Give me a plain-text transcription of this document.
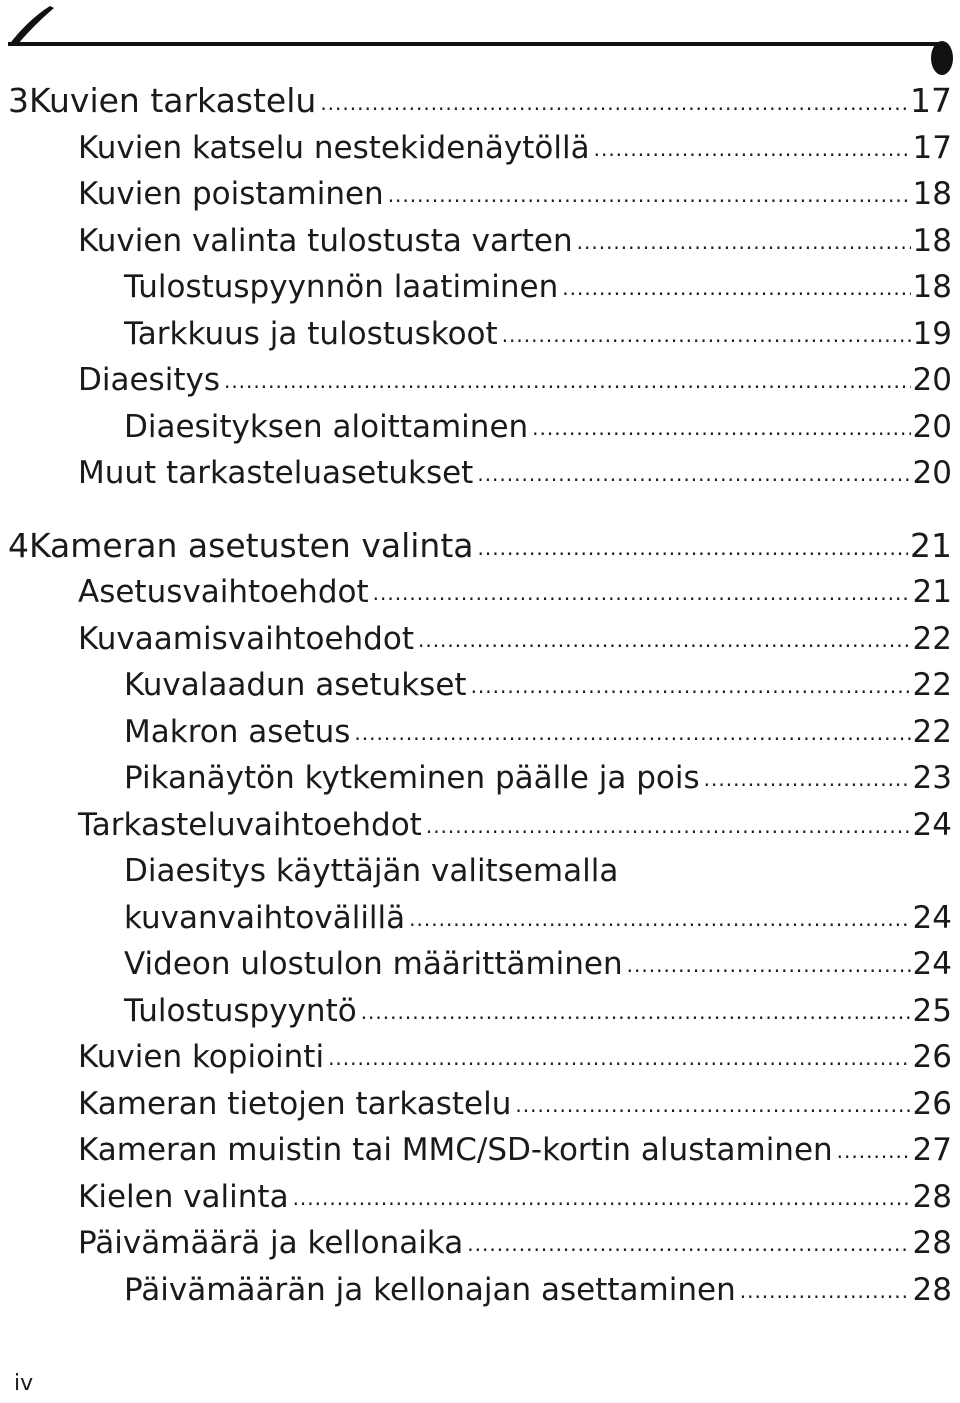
3 Kuvien tarkastelu .....	17
Kuvien katselu nestekidenäytöllä .....	17
Kuvien poistaminen .....	18
Kuvien valinta tulostusta varten .....	18
Tulostuspyynnön laatiminen .....	18
Tarkkuus ja tulostuskoot .....	19
Diaesitys .....	20
Diaesityksen aloittaminen .....	20
Muut tarkasteluasetukset .....	20
4 Kameran asetusten valinta .....	21
Asetusvaihtoehdot .....	21
Kuvaamisvaihtoehdot .....	22
Kuvalaadun asetukset .....	22
Makron asetus .....	22
Pikanäytön kytkeminen päälle ja pois .....	23
Tarkasteluvaihtoehdot .....	24
Diaesitys käyttäjän valitsemalla
kuvanvaihtovälillä .....	24
Videon ulostulon määrittäminen .....	24
Tulostuspyyntö .....	25
Kuvien kopiointi .....	26
Kameran tietojen tarkastelu .....	26
Kameran muistin tai MMC/SD-kortin alustaminen .....	27
Kielen valinta .....	28
Päivämäärä ja kellonaika .....	28
Päivämäärän ja kellonajan asettaminen .....	28
iv
